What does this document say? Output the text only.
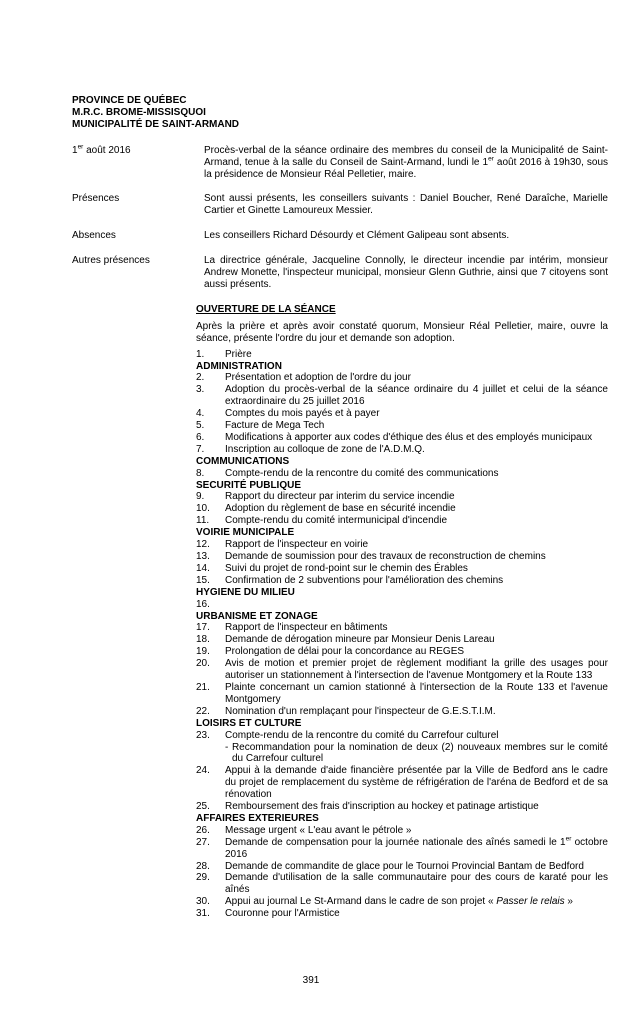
PROVINCE DE QUÉBEC
M.R.C. BROME-MISSISQUOI
MUNICIPALITÉ DE SAINT-ARMAND
1er août 2016	Procès-verbal de la séance ordinaire des membres du conseil de la Municipalité de Saint-Armand, tenue à la salle du Conseil de Saint-Armand, lundi le 1er août 2016 à 19h30, sous la présidence de Monsieur Réal Pelletier, maire.
Présences	Sont aussi présents, les conseillers suivants : Daniel Boucher, René Daraîche, Marielle Cartier et Ginette Lamoureux Messier.
Absences	Les conseillers Richard Désourdy et Clément Galipeau sont absents.
Autres présences	La directrice générale, Jacqueline Connolly, le directeur incendie par intérim, monsieur Andrew Monette, l'inspecteur municipal, monsieur Glenn Guthrie, ainsi que 7 citoyens sont aussi présents.
OUVERTURE DE LA SÉANCE
Après la prière et après avoir constaté quorum, Monsieur Réal Pelletier, maire, ouvre la séance, présente l'ordre du jour et demande son adoption.
1.	Prière
ADMINISTRATION
2.	Présentation et adoption de l'ordre du jour
3.	Adoption du procès-verbal de la séance ordinaire du 4 juillet et celui de la séance extraordinaire du 25 juillet 2016
4.	Comptes du mois payés et à payer
5.	Facture de Mega Tech
6.	Modifications à apporter aux codes d'éthique des élus et des employés municipaux
7.	Inscription au colloque de zone de l'A.D.M.Q.
COMMUNICATIONS
8.	Compte-rendu de la rencontre du comité des communications
SECURITÉ PUBLIQUE
9.	Rapport du directeur par interim du service incendie
10.	Adoption du règlement de base en sécurité incendie
11.	Compte-rendu du comité intermunicipal d'incendie
VOIRIE MUNICIPALE
12.	Rapport de l'inspecteur en voirie
13.	Demande de soumission pour des travaux de reconstruction de chemins
14.	Suivi du projet de rond-point sur le chemin des Érables
15.	Confirmation de 2 subventions pour l'amélioration des chemins
HYGIENE DU MILIEU
16.
URBANISME ET ZONAGE
17.	Rapport de l'inspecteur en bâtiments
18.	Demande de dérogation mineure par Monsieur Denis Lareau
19.	Prolongation de délai pour la concordance au REGES
20.	Avis de motion et premier projet de règlement modifiant la grille des usages pour autoriser un stationnement à l'intersection de l'avenue Montgomery et la Route 133
21.	Plainte concernant un camion stationné à l'intersection de la Route 133 et l'avenue Montgomery
22.	Nomination d'un remplaçant pour l'inspecteur de G.E.S.T.I.M.
LOISIRS ET CULTURE
23.	Compte-rendu de la rencontre du comité du Carrefour culturel
- Recommandation pour la nomination de deux (2) nouveaux membres sur le comité du Carrefour culturel
24.	Appui à la demande d'aide financière présentée par la Ville de Bedford ans le cadre du projet de remplacement du système de réfrigération de l'aréna de Bedford et de sa rénovation
25.	Remboursement des frais d'inscription au hockey et patinage artistique
AFFAIRES EXTERIEURES
26.	Message urgent « L'eau avant le pétrole »
27.	Demande de compensation pour la journée nationale des aînés samedi le 1er octobre 2016
28.	Demande de commandite de glace pour le Tournoi Provincial Bantam de Bedford
29.	Demande d'utilisation de la salle communautaire pour des cours de karaté pour les aînés
30.	Appui au journal Le St-Armand dans le cadre de son projet « Passer le relais »
31.	Couronne pour l'Armistice
391
